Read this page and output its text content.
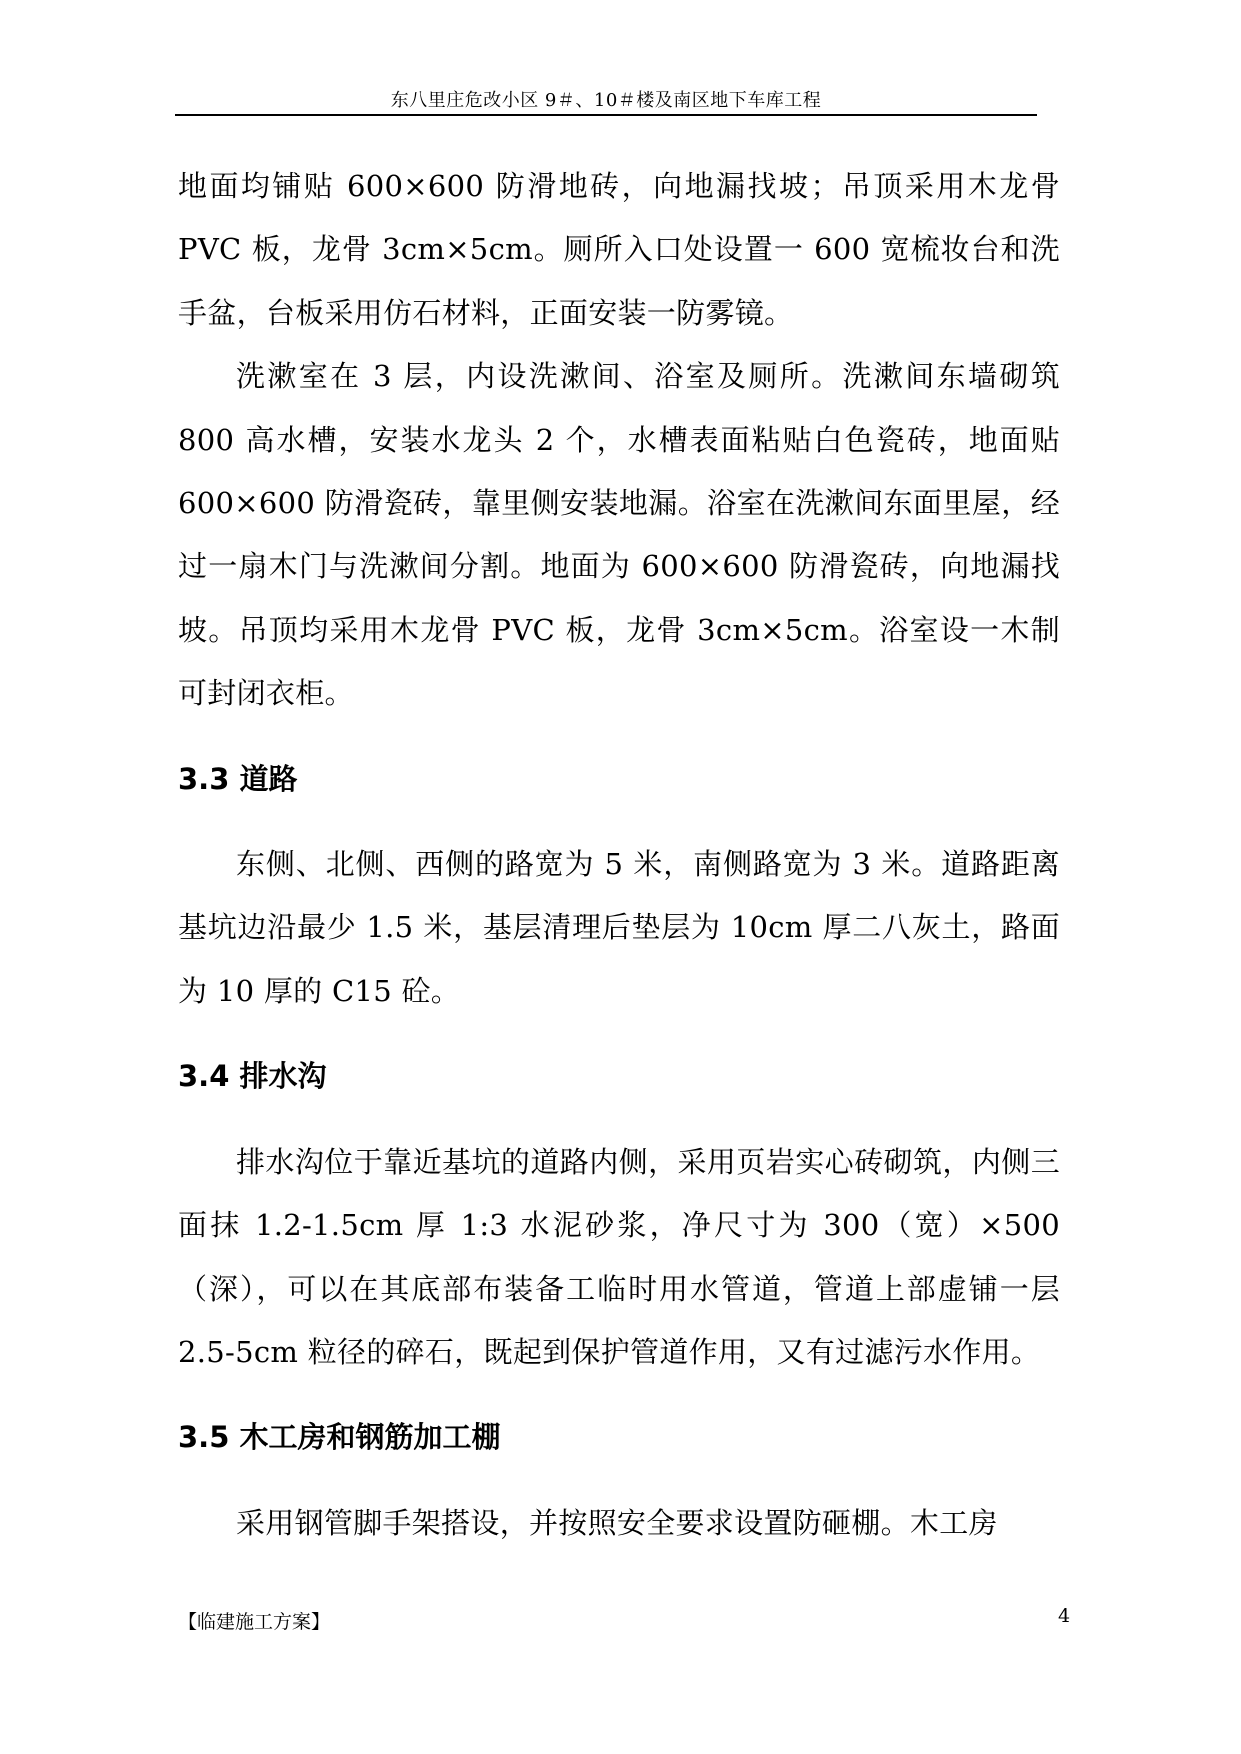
东八里庄危改小区 9＃、10＃楼及南区地下车库工程

地面均铺贴 600×600 防滑地砖，向地漏找坡；吊顶采用木龙骨 PVC 板，龙骨 3cm×5cm。厕所入口处设置一 600 宽梳妆台和洗手盆，台板采用仿石材料，正面安装一防雾镜。

洗漱室在 3 层，内设洗漱间、浴室及厕所。洗漱间东墙砌筑 800 高水槽，安装水龙头 2 个，水槽表面粘贴白色瓷砖，地面贴 600×600 防滑瓷砖，靠里侧安装地漏。浴室在洗漱间东面里屋，经过一扇木门与洗漱间分割。地面为 600×600 防滑瓷砖，向地漏找坡。吊顶均采用木龙骨 PVC 板，龙骨 3cm×5cm。浴室设一木制可封闭衣柜。

3.3 道路

东侧、北侧、西侧的路宽为 5 米，南侧路宽为 3 米。道路距离基坑边沿最少 1.5 米，基层清理后垫层为 10cm 厚二八灰土，路面为 10 厚的 C15 砼。

3.4 排水沟

排水沟位于靠近基坑的道路内侧，采用页岩实心砖砌筑，内侧三面抹 1.2-1.5cm 厚 1:3 水泥砂浆，净尺寸为 300（宽）×500（深），可以在其底部布装备工临时用水管道，管道上部虚铺一层 2.5-5cm 粒径的碎石，既起到保护管道作用，又有过滤污水作用。

3.5 木工房和钢筋加工棚

采用钢管脚手架搭设，并按照安全要求设置防砸棚。木工房

【临建施工方案】	4
